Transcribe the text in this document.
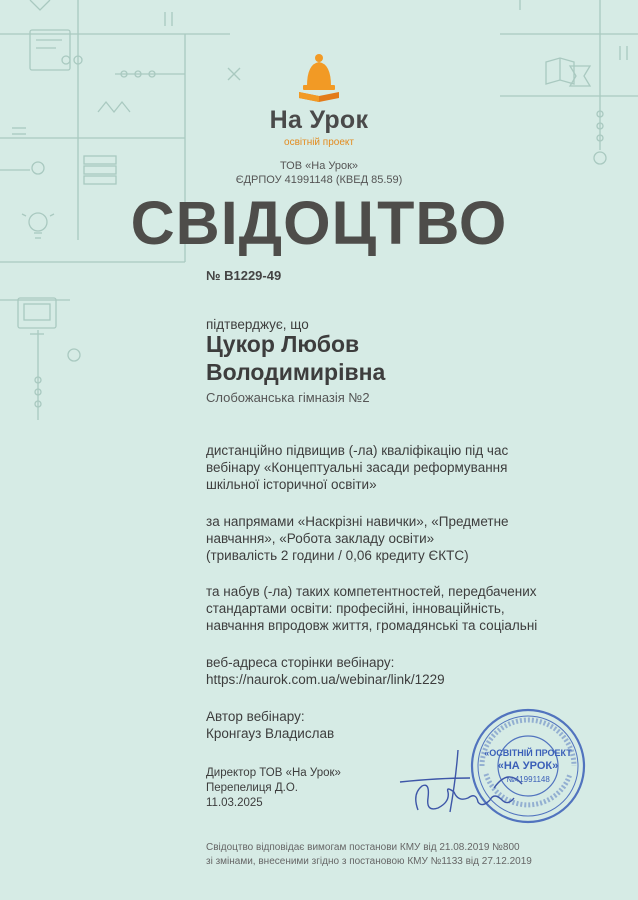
На Урок
освітній проект
ТОВ «На Урок»
ЄДРПОУ 41991148 (КВЕД 85.59)
СВІДОЦТВО
№ В1229-49
підтверджує, що
Цукор Любов
Володимирівна
Слобожанська гімназія №2
дистанційно підвищив (-ла) кваліфікацію під час
вебінару «Концептуальні засади реформування
шкільної історичної освіти»
за напрямами «Наскрізні навички», «Предметне
навчання», «Робота закладу освіти»
(тривалість 2 години / 0,06 кредиту ЄКТС)
та набув (-ла) таких компетентностей, передбачених
стандартами освіти: професійні, інноваційність,
навчання впродовж життя, громадянські та соціальні
веб-адреса сторінки вебінару:
https://naurok.com.ua/webinar/link/1229
Автор вебінару:
Кронгауз Владислав
Директор ТОВ «На Урок»
Перепелиця Д.О.
11.03.2025
«ОСВІТНІЙ ПРОЕКТ
«НА УРОК»
№41991148
Свідоцтво відповідає вимогам постанови КМУ від 21.08.2019 №800
зі змінами, внесеними згідно з постановою КМУ №1133 від 27.12.2019
